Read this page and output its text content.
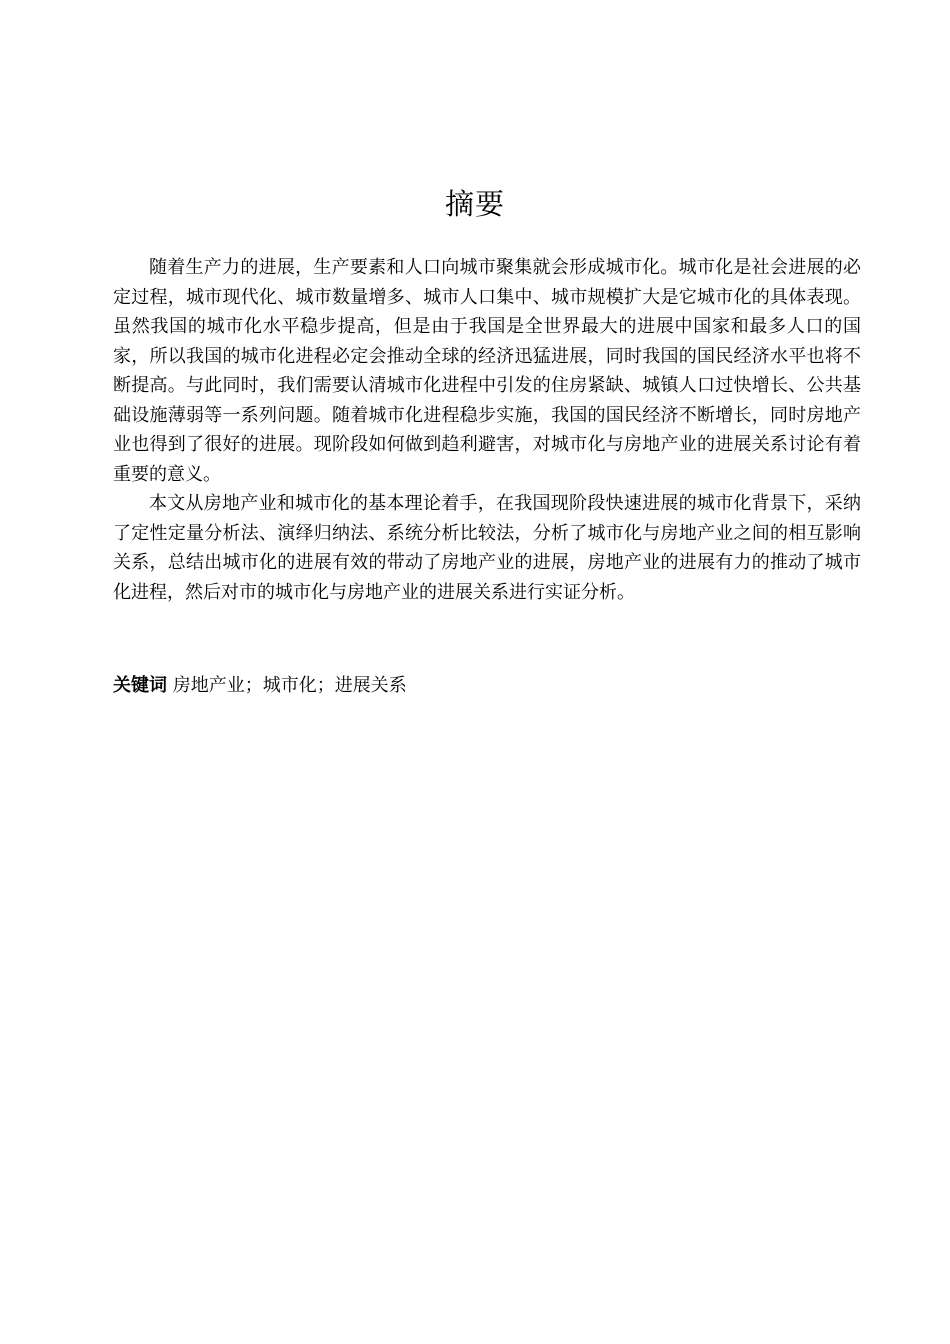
摘要

随着生产力的进展，生产要素和人口向城市聚集就会形成城市化。城市化是社会进展的必定过程，城市现代化、城市数量增多、城市人口集中、城市规模扩大是它城市化的具体表现。虽然我国的城市化水平稳步提高，但是由于我国是全世界最大的进展中国家和最多人口的国家，所以我国的城市化进程必定会推动全球的经济迅猛进展，同时我国的国民经济水平也将不断提高。与此同时，我们需要认清城市化进程中引发的住房紧缺、城镇人口过快增长、公共基础设施薄弱等一系列问题。随着城市化进程稳步实施，我国的国民经济不断增长，同时房地产业也得到了很好的进展。现阶段如何做到趋利避害，对城市化与房地产业的进展关系讨论有着重要的意义。

本文从房地产业和城市化的基本理论着手，在我国现阶段快速进展的城市化背景下，采纳了定性定量分析法、演绎归纳法、系统分析比较法，分析了城市化与房地产业之间的相互影响关系，总结出城市化的进展有效的带动了房地产业的进展，房地产业的进展有力的推动了城市化进程，然后对市的城市化与房地产业的进展关系进行实证分析。

关键词 房地产业；城市化；进展关系
